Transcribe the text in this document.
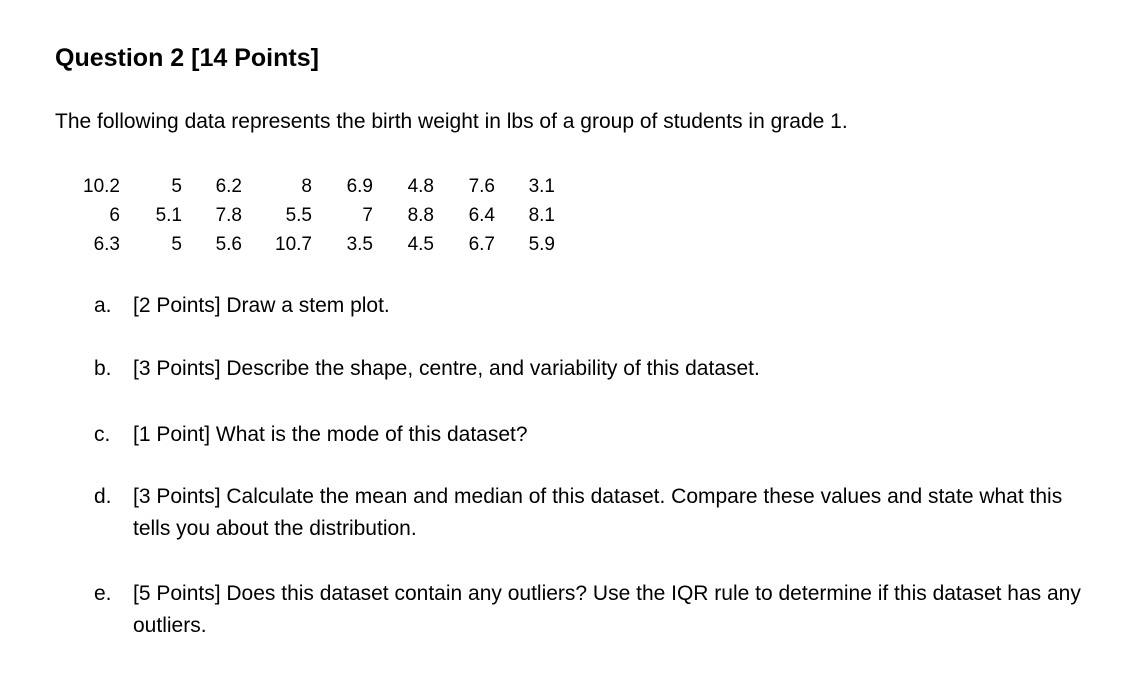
Question 2 [14 Points]
The following data represents the birth weight in lbs of a group of students in grade 1.
10.2	5	6.2	8	6.9	4.8	7.6	3.1
6	5.1	7.8	5.5	7	8.8	6.4	8.1
6.3	5	5.6	10.7	3.5	4.5	6.7	5.9
a. [2 Points] Draw a stem plot.
b. [3 Points] Describe the shape, centre, and variability of this dataset.
c. [1 Point] What is the mode of this dataset?
d. [3 Points] Calculate the mean and median of this dataset. Compare these values and state what this tells you about the distribution.
e. [5 Points] Does this dataset contain any outliers? Use the IQR rule to determine if this dataset has any outliers.
